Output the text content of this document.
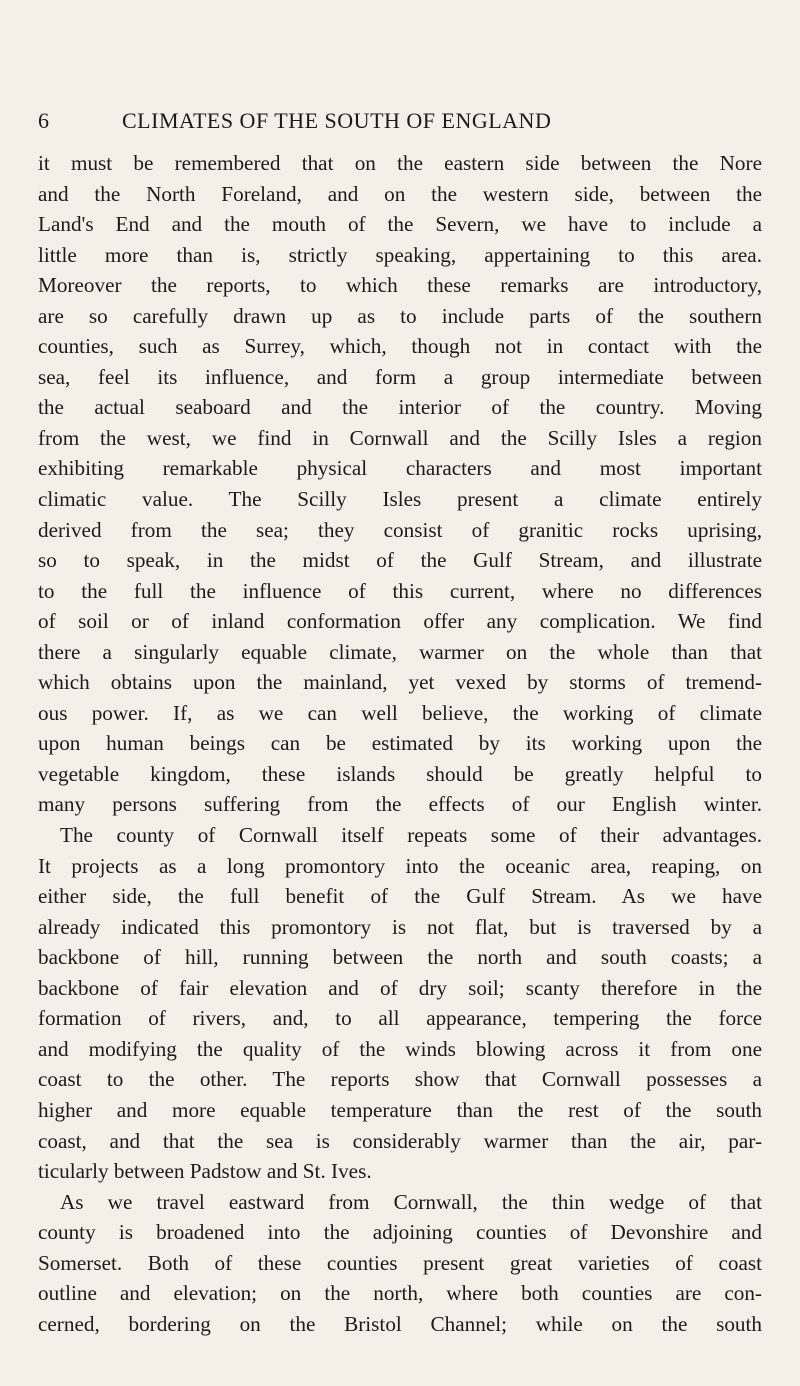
6	CLIMATES OF THE SOUTH OF ENGLAND
it must be remembered that on the eastern side between the Nore
and the North Foreland, and on the western side, between the
Land's End and the mouth of the Severn, we have to include a
little more than is, strictly speaking, appertaining to this area.
Moreover the reports, to which these remarks are introductory,
are so carefully drawn up as to include parts of the southern
counties, such as Surrey, which, though not in contact with the
sea, feel its influence, and form a group intermediate between
the actual seaboard and the interior of the country. Moving
from the west, we find in Cornwall and the Scilly Isles a region
exhibiting remarkable physical characters and most important
climatic value. The Scilly Isles present a climate entirely
derived from the sea; they consist of granitic rocks uprising,
so to speak, in the midst of the Gulf Stream, and illustrate
to the full the influence of this current, where no differences
of soil or of inland conformation offer any complication. We find
there a singularly equable climate, warmer on the whole than that
which obtains upon the mainland, yet vexed by storms of tremend-
ous power. If, as we can well believe, the working of climate
upon human beings can be estimated by its working upon the
vegetable kingdom, these islands should be greatly helpful to
many persons suffering from the effects of our English winter.
The county of Cornwall itself repeats some of their advantages.
It projects as a long promontory into the oceanic area, reaping, on
either side, the full benefit of the Gulf Stream. As we have
already indicated this promontory is not flat, but is traversed by a
backbone of hill, running between the north and south coasts; a
backbone of fair elevation and of dry soil; scanty therefore in the
formation of rivers, and, to all appearance, tempering the force
and modifying the quality of the winds blowing across it from one
coast to the other. The reports show that Cornwall possesses a
higher and more equable temperature than the rest of the south
coast, and that the sea is considerably warmer than the air, par-
ticularly between Padstow and St. Ives.
As we travel eastward from Cornwall, the thin wedge of that
county is broadened into the adjoining counties of Devonshire and
Somerset. Both of these counties present great varieties of coast
outline and elevation; on the north, where both counties are con-
cerned, bordering on the Bristol Channel; while on the south
